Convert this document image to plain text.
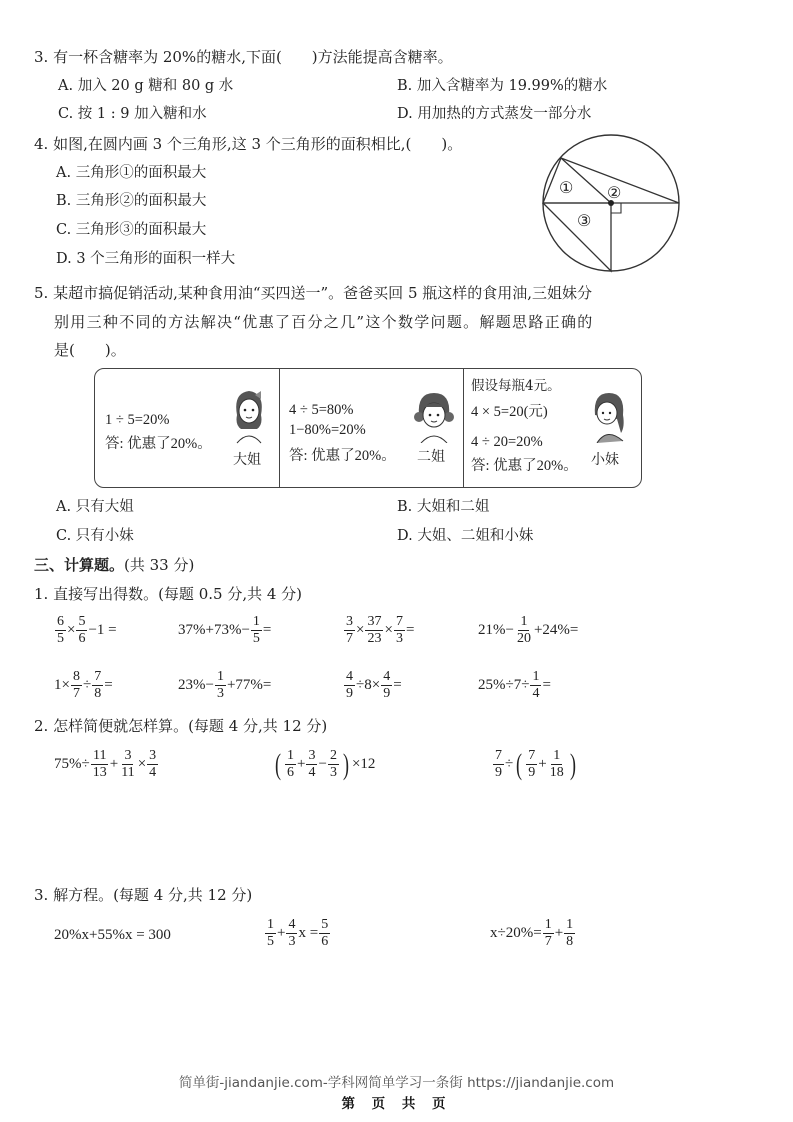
3. 有一杯含糖率为 20%的糖水,下面(　　)方法能提高含糖率。
A. 加入 20 g 糖和 80 g 水	B. 加入含糖率为 19.99%的糖水
C. 按 1 : 9 加入糖和水	D. 用加热的方式蒸发一部分水
4. 如图,在圆内画 3 个三角形,这 3 个三角形的面积相比,(　　)。
A. 三角形①的面积最大
B. 三角形②的面积最大
C. 三角形③的面积最大
D. 3 个三角形的面积一样大
① ②
③
5. 某超市搞促销活动,某种食用油“买四送一”。爸爸买回 5 瓶这样的食用油,三姐妹分
别用三种不同的方法解决“优惠了百分之几”这个数学问题。解题思路正确的
是(　　)。
1 ÷ 5=20%
答: 优惠了20%。
大姐
4 ÷ 5=80%
1−80%=20%
答: 优惠了20%。 二姐
假设每瓶4元。
4 × 5=20(元)
4 ÷ 20=20%
答: 优惠了20%。 小妹
A. 只有大姐	B. 大姐和二姐
C. 只有小妹	D. 大姐、二姐和小妹
三、计算题。(共 33 分)
1. 直接写出得数。(每题 0.5 分,共 4 分)
$\frac{6}{5} \times \frac{5}{6} -1$ =	$37\%+73\%- \frac{1}{5}$ =	$\frac{3}{7} \times \frac{37}{23} \times \frac{7}{3}$ =	$21\%- \frac{1}{20} +24\%=$
$1\times \frac{8}{7} \div \frac{7}{8}$ =	$23\%- \frac{1}{3} +77\%=$	$\frac{4}{9} \div 8\times \frac{4}{9}$ =	$25\%\div 7\div \frac{1}{4}$ =
2. 怎样简便就怎样算。(每题 4 分,共 12 分)
$75\%\div \frac{11}{13} + \frac{3}{11} \times \frac{3}{4}$	( $\frac{1}{6} + \frac{3}{4} - \frac{2}{3}$ ) ×12	$\frac{7}{9}$ ÷ ( $\frac{7}{9} + \frac{1}{18}$ )
3. 解方程。(每题 4 分,共 12 分)
20%x+55%x = 300	$\frac{1}{5} + \frac{4}{3}$ $x = \frac{5}{6}$	$x\div 20\%= \frac{1}{7} + \frac{1}{8}$
简单街-jiandanjie.com-学科网简单学习一条街 https://jiandanjie.com
第 页 共 页
